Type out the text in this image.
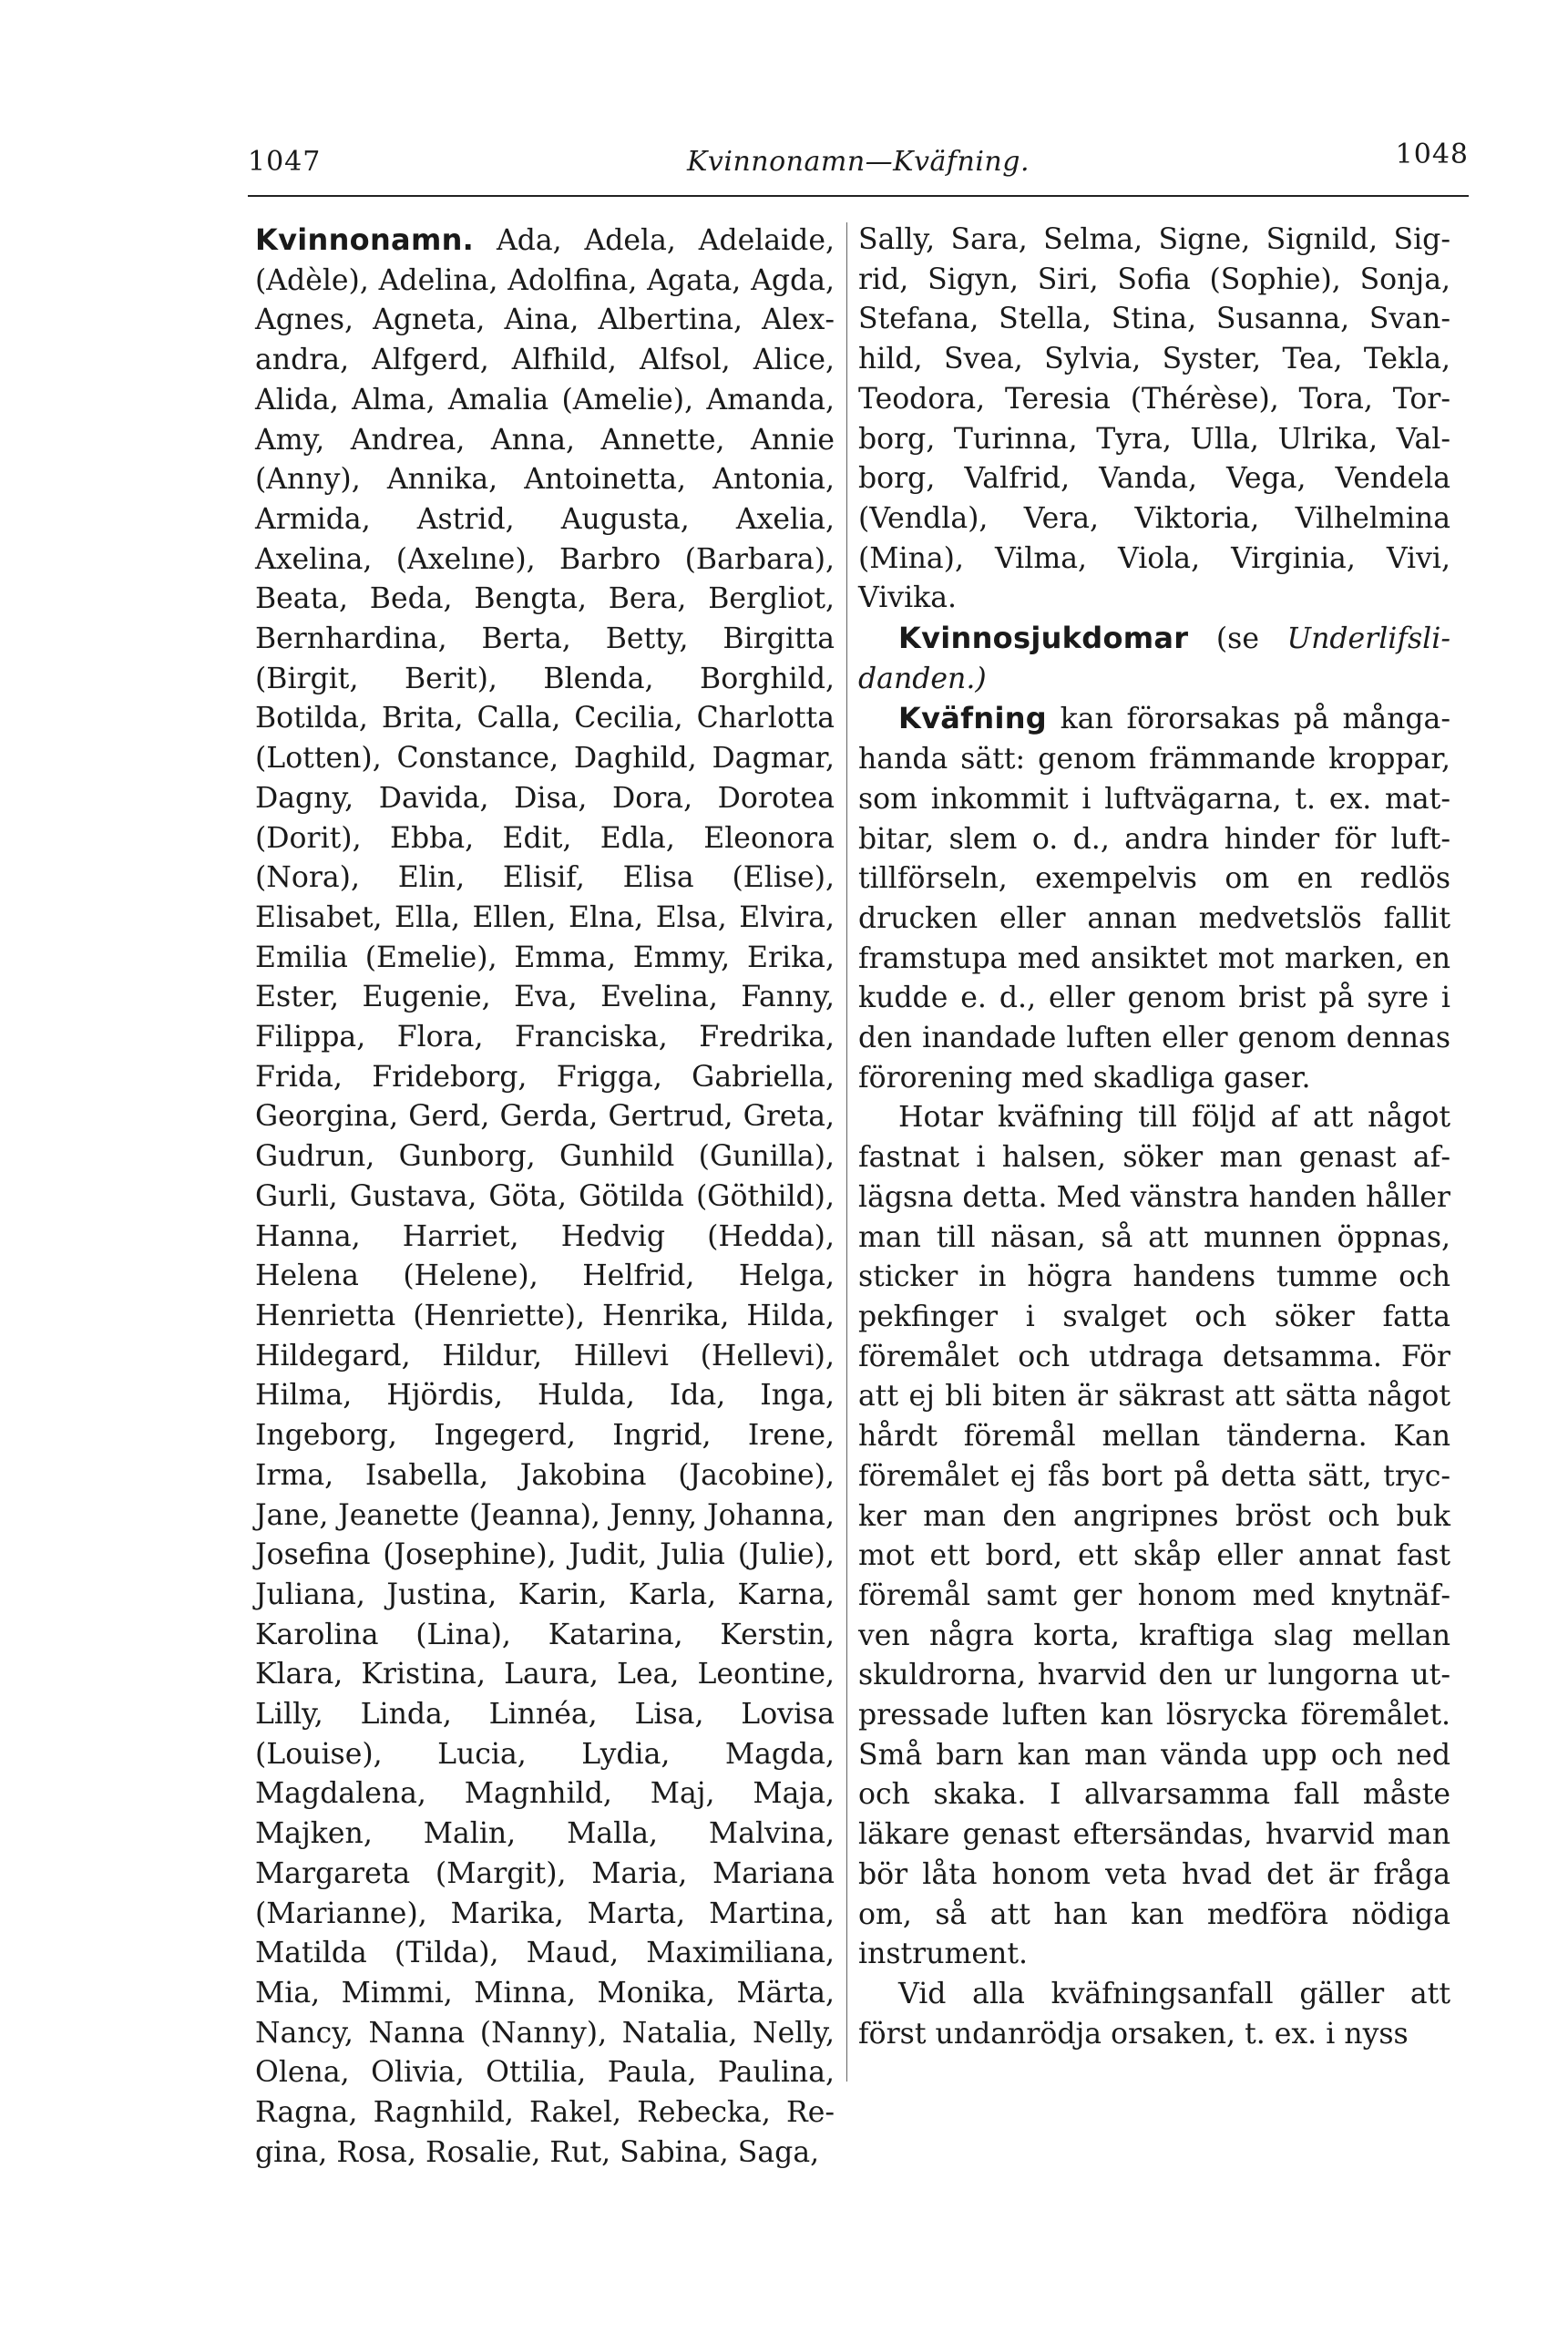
1047	Kvinnonamn—Kväfning.	1048

Kvinnonamn. Ada, Adela, Adelaide, (Adèle), Adelina, Adolfina, Agata, Agda, Agnes, Agneta, Aina, Albertina, Alexandra, Alfgerd, Alfhild, Alfsol, Alice, Alida, Alma, Amalia (Amelie), Amanda, Amy, Andrea, Anna, Annette, Annie (Anny), Annika, Antoinetta, Antonia, Armida, Astrid, Augusta, Axelia, Axelina, (Axelıne), Barbro (Barbara), Beata, Beda, Bengta, Bera, Bergliot, Bernhardina, Berta, Betty, Birgitta (Birgit, Berit), Blenda, Borghild, Botilda, Brita, Calla, Cecilia, Charlotta (Lotten), Constance, Daghild, Dagmar, Dagny, Davida, Disa, Dora, Dorotea (Dorit), Ebba, Edit, Edla, Eleonora (Nora), Elin, Elisif, Elisa (Elise), Elisabet, Ella, Ellen, Elna, Elsa, Elvira, Emilia (Emelie), Emma, Emmy, Erika, Ester, Eugenie, Eva, Evelina, Fanny, Filippa, Flora, Franciska, Fredrika, Frida, Frideborg, Frigga, Gabriella, Georgina, Gerd, Gerda, Gertrud, Greta, Gudrun, Gunborg, Gunhild (Gunilla), Gurli, Gustava, Göta, Götilda (Göthild), Hanna, Harriet, Hedvig (Hedda), Helena (Helene), Helfrid, Helga, Henrietta (Henriette), Henrika, Hilda, Hildegard, Hildur, Hillevi (Hellevi), Hilma, Hjördis, Hulda, Ida, Inga, Ingeborg, Ingegerd, Ingrid, Irene, Irma, Isabella, Jakobina (Jacobine), Jane, Jeanette (Jeanna), Jenny, Johanna, Josefina (Josephine), Judit, Julia (Julie), Juliana, Justina, Karin, Karla, Karna, Karolina (Lina), Katarina, Kerstin, Klara, Kristina, Laura, Lea, Leontine, Lilly, Linda, Linnéa, Lisa, Lovisa (Louise), Lucia, Lydia, Magda, Magdalena, Magnhild, Maj, Maja, Majken, Malin, Malla, Malvina, Margareta (Margit), Maria, Mariana (Marianne), Marika, Marta, Martina, Matilda (Tilda), Maud, Maximiliana, Mia, Mimmi, Minna, Monika, Märta, Nancy, Nanna (Nanny), Natalia, Nelly, Olena, Olivia, Ottilia, Paula, Paulina, Ragna, Ragnhild, Rakel, Rebecka, Regina, Rosa, Rosalie, Rut, Sabina, Saga,

Sally, Sara, Selma, Signe, Signild, Sigrid, Sigyn, Siri, Sofia (Sophie), Sonja, Stefana, Stella, Stina, Susanna, Svanhild, Svea, Sylvia, Syster, Tea, Tekla, Teodora, Teresia (Thérèse), Tora, Torborg, Turinna, Tyra, Ulla, Ulrika, Valborg, Valfrid, Vanda, Vega, Vendela (Vendla), Vera, Viktoria, Vilhelmina (Mina), Vilma, Viola, Virginia, Vivi, Vivika.

Kvinnosjukdomar (se Underlifslidanden.)

Kväfning kan förorsakas på mångahanda sätt: genom främmande kroppar, som inkommit i luftvägarna, t. ex. matbitar, slem o. d., andra hinder för lufttillförseln, exempelvis om en redlös drucken eller annan medvetslös fallit framstupa med ansiktet mot marken, en kudde e. d., eller genom brist på syre i den inandade luften eller genom dennas förorening med skadliga gaser.

Hotar kväfning till följd af att något fastnat i halsen, söker man genast aflägsna detta. Med vänstra handen håller man till näsan, så att munnen öppnas, sticker in högra handens tumme och pekfinger i svalget och söker fatta föremålet och utdraga detsamma. För att ej bli biten är säkrast att sätta något hårdt föremål mellan tänderna. Kan föremålet ej fås bort på detta sätt, trycker man den angripnes bröst och buk mot ett bord, ett skåp eller annat fast föremål samt ger honom med knytnäfven några korta, kraftiga slag mellan skuldrorna, hvarvid den ur lungorna utpressade luften kan lösrycka föremålet. Små barn kan man vända upp och ned och skaka. I allvarsamma fall måste läkare genast eftersändas, hvarvid man bör låta honom veta hvad det är fråga om, så att han kan medföra nödiga instrument.

Vid alla kväfningsanfall gäller att först undanrödja orsaken, t. ex. i nyss
